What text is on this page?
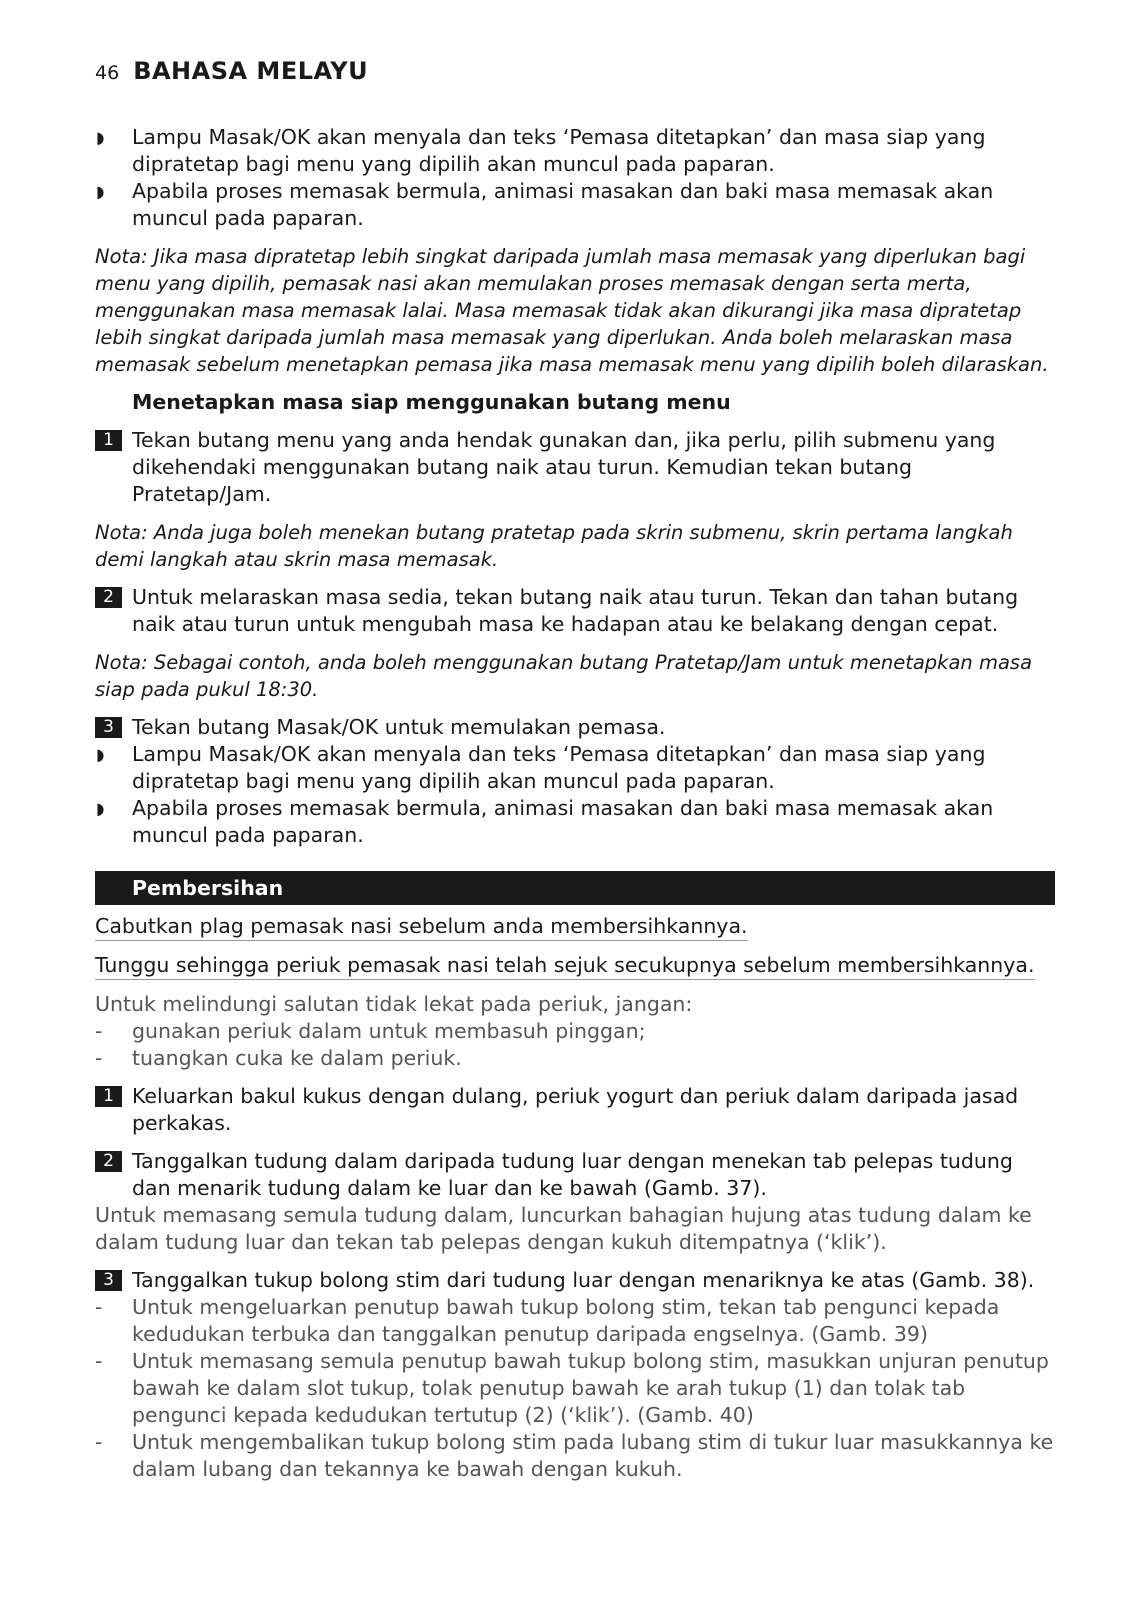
46 BAHASA MELAYU
◗ Lampu Masak/OK akan menyala dan teks ‘Pemasa ditetapkan’ dan masa siap yang dipratetap bagi menu yang dipilih akan muncul pada paparan.
◗ Apabila proses memasak bermula, animasi masakan dan baki masa memasak akan muncul pada paparan.

Nota: Jika masa dipratetap lebih singkat daripada jumlah masa memasak yang diperlukan bagi menu yang dipilih, pemasak nasi akan memulakan proses memasak dengan serta merta, menggunakan masa memasak lalai. Masa memasak tidak akan dikurangi jika masa dipratetap lebih singkat daripada jumlah masa memasak yang diperlukan. Anda boleh melaraskan masa memasak sebelum menetapkan pemasa jika masa memasak menu yang dipilih boleh dilaraskan.

Menetapkan masa siap menggunakan butang menu
1 Tekan butang menu yang anda hendak gunakan dan, jika perlu, pilih submenu yang dikehendaki menggunakan butang naik atau turun. Kemudian tekan butang Pratetap/Jam.

Nota: Anda juga boleh menekan butang pratetap pada skrin submenu, skrin pertama langkah demi langkah atau skrin masa memasak.

2 Untuk melaraskan masa sedia, tekan butang naik atau turun. Tekan dan tahan butang naik atau turun untuk mengubah masa ke hadapan atau ke belakang dengan cepat.

Nota: Sebagai contoh, anda boleh menggunakan butang Pratetap/Jam untuk menetapkan masa siap pada pukul 18:30.

3 Tekan butang Masak/OK untuk memulakan pemasa.
◗ Lampu Masak/OK akan menyala dan teks ‘Pemasa ditetapkan’ dan masa siap yang dipratetap bagi menu yang dipilih akan muncul pada paparan.
◗ Apabila proses memasak bermula, animasi masakan dan baki masa memasak akan muncul pada paparan.
Pembersihan
Cabutkan plag pemasak nasi sebelum anda membersihkannya.
Tunggu sehingga periuk pemasak nasi telah sejuk secukupnya sebelum membersihkannya.
Untuk melindungi salutan tidak lekat pada periuk, jangan:
- gunakan periuk dalam untuk membasuh pinggan;
- tuangkan cuka ke dalam periuk.
1 Keluarkan bakul kukus dengan dulang, periuk yogurt dan periuk dalam daripada jasad perkakas.
2 Tanggalkan tudung dalam daripada tudung luar dengan menekan tab pelepas tudung dan menarik tudung dalam ke luar dan ke bawah (Gamb. 37).
Untuk memasang semula tudung dalam, luncurkan bahagian hujung atas tudung dalam ke dalam tudung luar dan tekan tab pelepas dengan kukuh ditempatnya (‘klik’).
3 Tanggalkan tukup bolong stim dari tudung luar dengan menariknya ke atas (Gamb. 38).
- Untuk mengeluarkan penutup bawah tukup bolong stim, tekan tab pengunci kepada kedudukan terbuka dan tanggalkan penutup daripada engselnya. (Gamb. 39)
- Untuk memasang semula penutup bawah tukup bolong stim, masukkan unjuran penutup bawah ke dalam slot tukup, tolak penutup bawah ke arah tukup (1) dan tolak tab pengunci kepada kedudukan tertutup (2) (‘klik’). (Gamb. 40)
- Untuk mengembalikan tukup bolong stim pada lubang stim di tukur luar masukkannya ke dalam lubang dan tekannya ke bawah dengan kukuh.
